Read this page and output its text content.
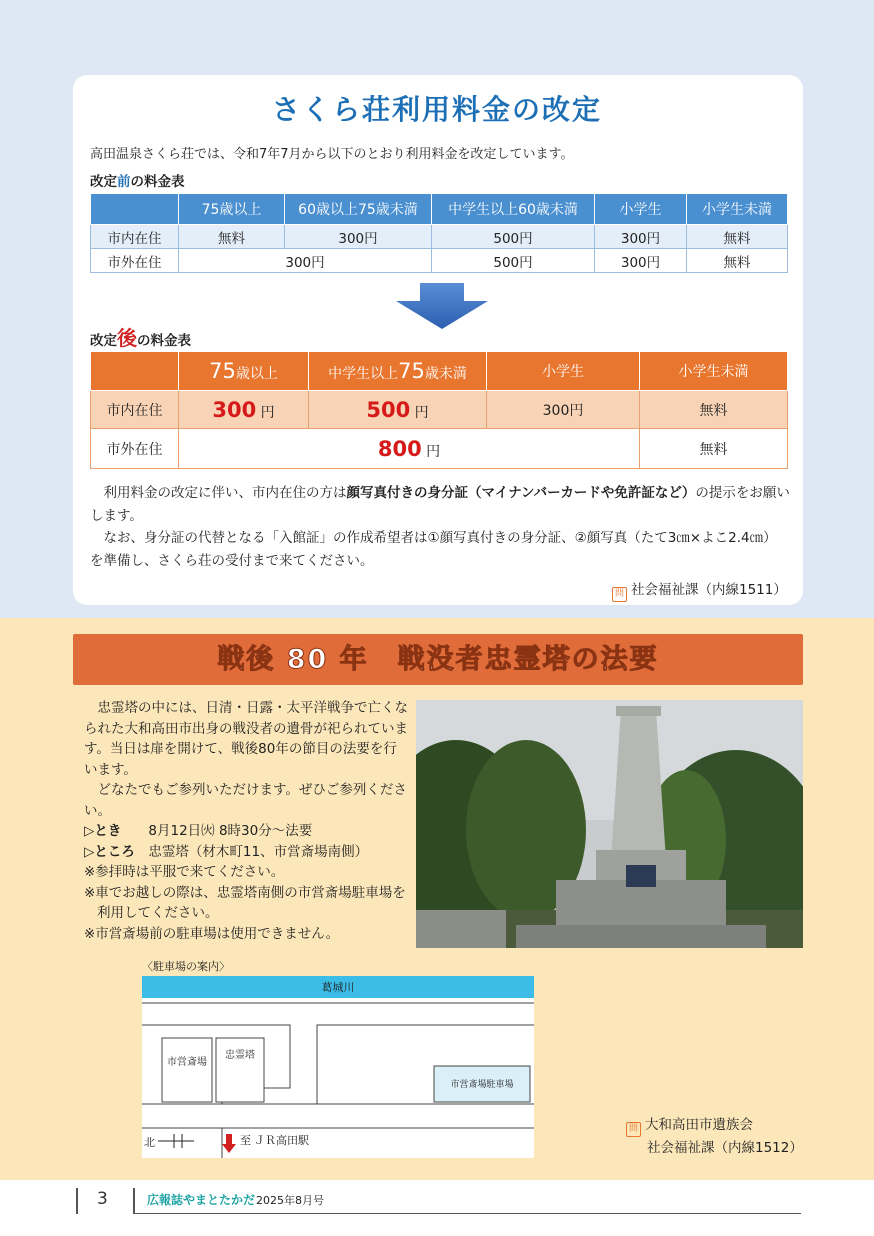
さくら荘利用料金の改定
高田温泉さくら荘では、令和7年7月から以下のとおり利用料金を改定しています。
改定前の料金表
	75歳以上	60歳以上75歳未満	中学生以上60歳未満	小学生	小学生未満
市内在住	無料	300円	500円	300円	無料
市外在住	300円		500円	300円	無料
改定後の料金表
	75歳以上	中学生以上75歳未満	小学生	小学生未満
市内在住	300 円	500 円	300円	無料
市外在住	800 円			無料
　利用料金の改定に伴い、市内在住の方は顔写真付きの身分証（マイナンバーカードや免許証など）の提示をお願いします。
　なお、身分証の代替となる「入館証」の作成希望者は①顔写真付きの身分証、②顔写真（たて3㎝×よこ2.4㎝）を準備し、さくら荘の受付まで来てください。
問 社会福祉課（内線1511）
戦後 80 年　戦没者忠霊塔の法要

　忠霊塔の中には、日清・日露・太平洋戦争で亡くなられた大和高田市出身の戦没者の遺骨が祀られています。当日は扉を開けて、戦後80年の節目の法要を行います。

　どなたでもご参列いただけます。ぜひご参列ください。

▷とき　　 8月12日㈫ 8時30分～法要

▷ところ　 忠霊塔（材木町11、市営斎場南側）

※参拝時は平服で来てください。

※車でお越しの際は、忠霊塔南側の市営斎場駐車場を利用してください。

※市営斎場前の駐車場は使用できません。

〈駐車場の案内〉
葛城川
市営斎場
忠霊塔
市営斎場駐車場
北	至 ＪＲ高田駅
問 大和高田市遺族会
社会福祉課（内線1512）
3	広報誌やまとたかだ 2025年8月号
